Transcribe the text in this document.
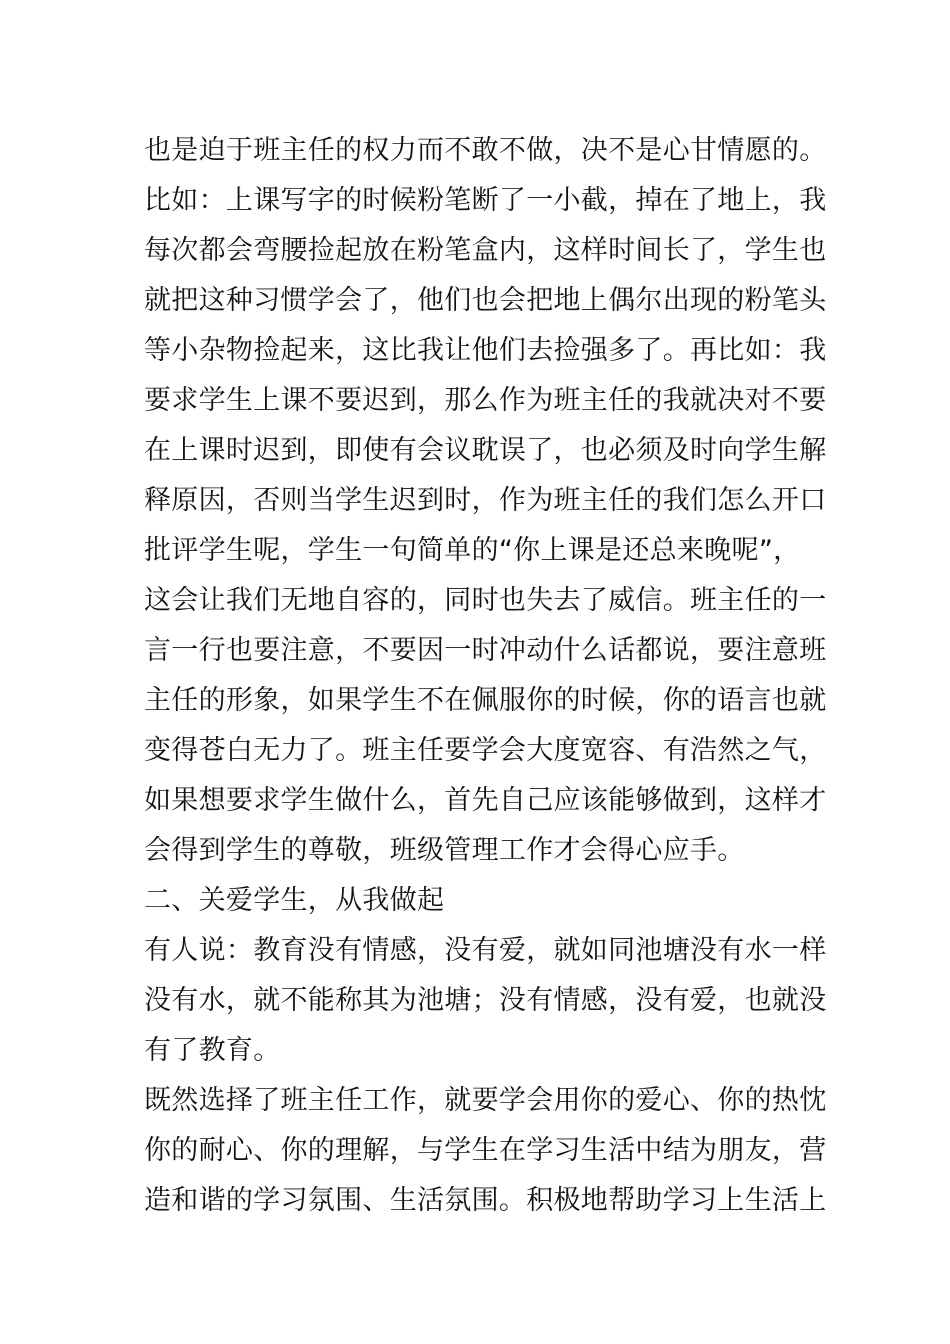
也是迫于班主任的权力而不敢不做，决不是心甘情愿的。
比如：上课写字的时候粉笔断了一小截，掉在了地上，我
每次都会弯腰捡起放在粉笔盒内，这样时间长了，学生也
就把这种习惯学会了，他们也会把地上偶尔出现的粉笔头
等小杂物捡起来，这比我让他们去捡强多了。再比如：我
要求学生上课不要迟到，那么作为班主任的我就决对不要
在上课时迟到，即使有会议耽误了，也必须及时向学生解
释原因，否则当学生迟到时，作为班主任的我们怎么开口
批评学生呢，学生一句简单的“你上课是还总来晚呢”，
这会让我们无地自容的，同时也失去了威信。班主任的一
言一行也要注意，不要因一时冲动什么话都说，要注意班
主任的形象，如果学生不在佩服你的时候，你的语言也就
变得苍白无力了。班主任要学会大度宽容、有浩然之气，
如果想要求学生做什么，首先自己应该能够做到，这样才
会得到学生的尊敬，班级管理工作才会得心应手。
二、关爱学生，从我做起
有人说：教育没有情感，没有爱，就如同池塘没有水一样
没有水，就不能称其为池塘；没有情感，没有爱，也就没
有了教育。
既然选择了班主任工作，就要学会用你的爱心、你的热忱
你的耐心、你的理解，与学生在学习生活中结为朋友，营
造和谐的学习氛围、生活氛围。积极地帮助学习上生活上
